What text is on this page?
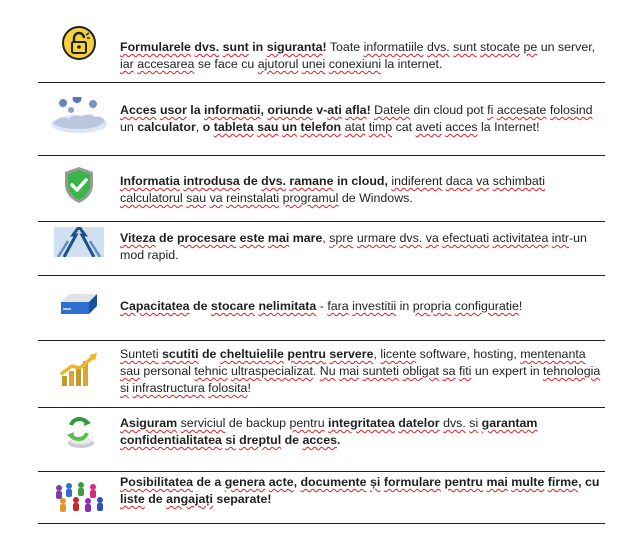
Formularele dvs. sunt in siguranta! Toate informatiile dvs. sunt stocate pe un server, iar accesarea se face cu ajutorul unei conexiuni la internet.
Acces usor la informatii, oriunde v-ati afla! Datele din cloud pot fi accesate folosind un calculator, o tableta sau un telefon atat timp cat aveti acces la Internet!
Informatia introdusa de dvs. ramane in cloud, indiferent daca va schimbati calculatorul sau va reinstalati programul de Windows.
Viteza de procesare este mai mare, spre urmare dvs. va efectuati activitatea intr-un mod rapid.
Capacitatea de stocare nelimitata - fara investitii in propria configuratie!
Sunteti scutiti de cheltuielile pentru servere, licente software, hosting, mentenanta sau personal tehnic ultraspecializat. Nu mai sunteti obligat sa fiti un expert in tehnologia si infrastructura folosita!
Asiguram serviciul de backup pentru integritatea datelor dvs. si garantam confidentialitatea si dreptul de acces.
Posibilitatea de a genera acte, documente și formulare pentru mai multe firme, cu liste de angajați separate!
